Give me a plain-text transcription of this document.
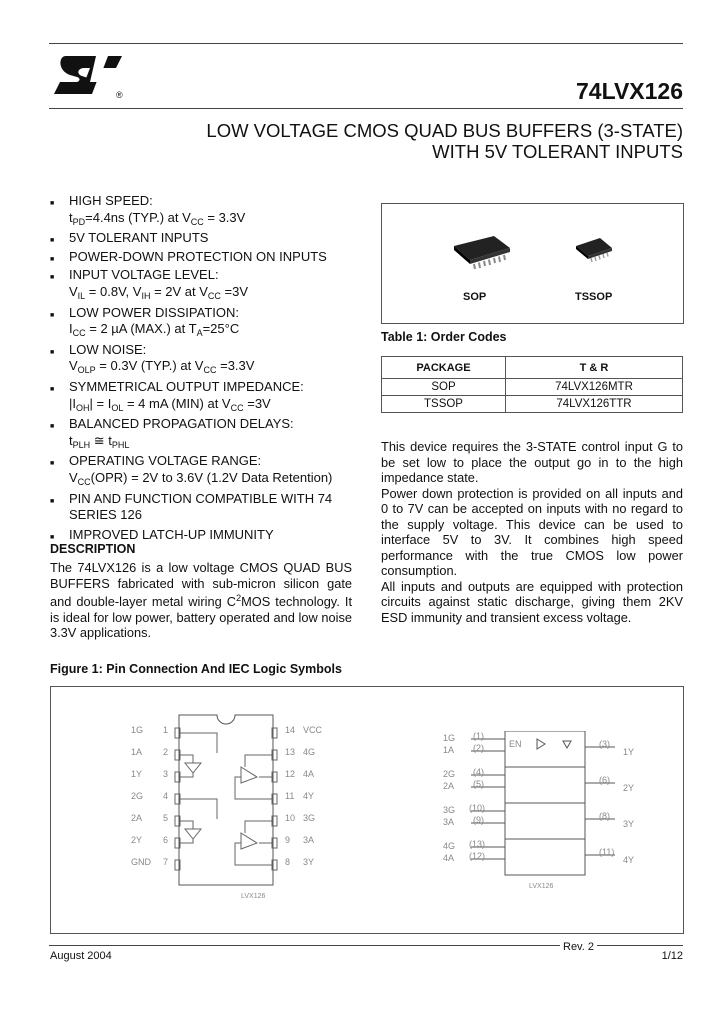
®	74LVX126
LOW VOLTAGE CMOS QUAD BUS BUFFERS (3-STATE)
WITH 5V TOLERANT INPUTS
■ HIGH SPEED:
$t_{PD}=4.4ns$ (TYP.) at $V_{CC} = 3.3V$
■ 5V TOLERANT INPUTS
■ POWER-DOWN PROTECTION ON INPUTS
■ INPUT VOLTAGE LEVEL:
$V_{IL} = 0.8V$, $V_{IH} = 2V$ at $V_{CC} =3V$
■ LOW POWER DISSIPATION:
$I_{CC} = 2$ µA (MAX.) at $T_A=25^\circ C$
■ LOW NOISE:
$V_{OLP} = 0.3V$ (TYP.) at $V_{CC} =3.3V$
■ SYMMETRICAL OUTPUT IMPEDANCE:
$|I_{OH}| = I_{OL} = 4$ mA (MIN) at $V_{CC} =3V$
■ BALANCED PROPAGATION DELAYS:
$t_{PLH}$ ≅ $t_{PHL}$
■ OPERATING VOLTAGE RANGE:
$V_{CC}(OPR) = 2V$ to 3.6V (1.2V Data Retention)
■ PIN AND FUNCTION COMPATIBLE WITH 74 SERIES 126
■ IMPROVED LATCH-UP IMMUNITY
DESCRIPTION
The 74LVX126 is a low voltage CMOS QUAD BUS BUFFERS fabricated with sub-micron silicon gate and double-layer metal wiring $C^2MOS$ technology. It is ideal for low power, battery operated and low noise 3.3V applications.
SOP	TSSOP
Table 1: Order Codes
PACKAGE	T & R
SOP	74LVX126MTR
TSSOP	74LVX126TTR
This device requires the 3-STATE control input G to be set low to place the output go in to the high impedance state.
Power down protection is provided on all inputs and 0 to 7V can be accepted on inputs with no regard to the supply voltage. This device can be used to interface 5V to 3V. It combines high speed performance with the true CMOS low power consumption.
All inputs and outputs are equipped with protection circuits against static discharge, giving them 2KV ESD immunity and transient excess voltage.
Figure 1: Pin Connection And IEC Logic Symbols
1G
1A
1Y
2G
2A
2Y
GND
1
2
3
4
5
6
7
14
13
12
11
10
9
8
VCC
4G
4A
4Y
3G
3A
3Y
LVX126
EN
1G
1A
2G
2A
3G
3A
4G
4A
(1)
(2)
(4)
(5)
(10)
(9)
(13)
(12)
(3)
(6)
(8)
(11)
1Y
2Y
3Y
4Y
LVX126
Rev. 2
August 2004	1/12
